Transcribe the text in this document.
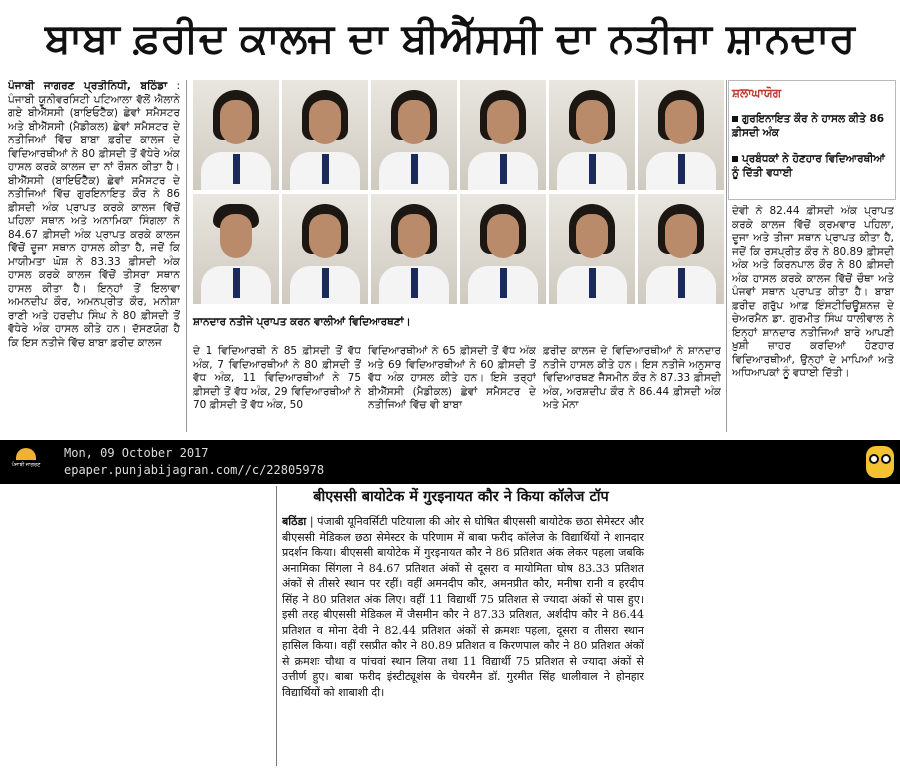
ਬਾਬਾ ਫ਼ਰੀਦ ਕਾਲਜ ਦਾ ਬੀਐੱਸਸੀ ਦਾ ਨਤੀਜਾ ਸ਼ਾਨਦਾਰ
ਪੰਜਾਬੀ ਜਾਗਰਣ ਪ੍ਰਤੀਨਿਧੀ, ਬਠਿੰਡਾ : ਪੰਜਾਬੀ ਯੂਨੀਵਰਸਿਟੀ ਪਟਿਆਲਾ ਵੱਲੋਂ ਐਲਾਨੇ ਗਏ ਬੀਐੱਸਸੀ (ਬਾਇਓਟੈੱਕ) ਛੇਵਾਂ ਸਮੈਸਟਰ ਅਤੇ ਬੀਐੱਸਸੀ (ਮੈਡੀਕਲ) ਛੇਵਾਂ ਸਮੈਸਟਰ ਦੇ ਨਤੀਜਿਆਂ ਵਿੱਚ ਬਾਬਾ ਫ਼ਰੀਦ ਕਾਲਜ ਦੇ ਵਿਦਿਆਰਥੀਆਂ ਨੇ 80 ਫ਼ੀਸਦੀ ਤੋਂ ਵੱਧੇਰੇ ਅੰਕ ਹਾਸਲ ਕਰਕੇ ਕਾਲਜ ਦਾ ਨਾਂ ਰੌਸ਼ਨ ਕੀਤਾ ਹੈ। ਬੀਐੱਸਸੀ (ਬਾਇਓਟੈੱਕ) ਛੇਵਾਂ ਸਮੈਸਟਰ ਦੇ ਨਤੀਜਿਆਂ ਵਿੱਚ ਗੁਰਇਨਾਇਤ ਕੌਰ ਨੇ 86 ਫ਼ੀਸਦੀ ਅੰਕ ਪ੍ਰਾਪਤ ਕਰਕੇ ਕਾਲਜ ਵਿੱਚੋਂ ਪਹਿਲਾ ਸਥਾਨ ਅਤੇ ਅਨਾਮਿਕਾ ਸਿੰਗਲਾ ਨੇ 84.67 ਫ਼ੀਸਦੀ ਅੰਕ ਪ੍ਰਾਪਤ ਕਰਕੇ ਕਾਲਜ ਵਿੱਚੋਂ ਦੂਜਾ ਸਥਾਨ ਹਾਸਲ ਕੀਤਾ ਹੈ, ਜਦੋਂ ਕਿ ਮਾਯੀਮਤਾ ਘੋਸ਼ ਨੇ 83.33 ਫ਼ੀਸਦੀ ਅੰਕ ਹਾਸਲ ਕਰਕੇ ਕਾਲਜ ਵਿੱਚੋਂ ਤੀਸਰਾ ਸਥਾਨ ਹਾਸਲ ਕੀਤਾ ਹੈ। ਇਨ੍ਹਾਂ ਤੋਂ ਇਲਾਵਾ ਅਮਨਦੀਪ ਕੌਰ, ਅਮਨਪ੍ਰੀਤ ਕੌਰ, ਮਨੀਸ਼ਾ ਰਾਣੀ ਅਤੇ ਹਰਦੀਪ ਸਿੰਘ ਨੇ 80 ਫ਼ੀਸਦੀ ਤੋਂ ਵੱਧੇਰੇ ਅੰਕ ਹਾਸਲ ਕੀਤੇ ਹਨ। ਦੱਸਣਯੋਗ ਹੈ ਕਿ ਇਸ ਨਤੀਜੇ ਵਿੱਚ ਬਾਬਾ ਫ਼ਰੀਦ ਕਾਲਜ
ਸ਼ਾਨਦਾਰ ਨਤੀਜੇ ਪ੍ਰਾਪਤ ਕਰਨ ਵਾਲੀਆਂ ਵਿਦਿਆਰਥਣਾਂ।
ਦੇ 1 ਵਿਦਿਆਰਥੀ ਨੇ 85 ਫ਼ੀਸਦੀ ਤੋਂ ਵੱਧ ਅੰਕ, 7 ਵਿਦਿਆਰਥੀਆਂ ਨੇ 80 ਫ਼ੀਸਦੀ ਤੋਂ ਵੱਧ ਅੰਕ, 11 ਵਿਦਿਆਰਥੀਆਂ ਨੇ 75 ਫ਼ੀਸਦੀ ਤੋਂ ਵੱਧ ਅੰਕ, 29 ਵਿਦਿਆਰਥੀਆਂ ਨੇ 70 ਫ਼ੀਸਦੀ ਤੋਂ ਵੱਧ ਅੰਕ, 50
ਵਿਦਿਆਰਥੀਆਂ ਨੇ 65 ਫ਼ੀਸਦੀ ਤੋਂ ਵੱਧ ਅੰਕ ਅਤੇ 69 ਵਿਦਿਆਰਥੀਆਂ ਨੇ 60 ਫ਼ੀਸਦੀ ਤੋਂ ਵੱਧ ਅੰਕ ਹਾਸਲ ਕੀਤੇ ਹਨ। ਇਸੇ ਤਰ੍ਹਾਂ ਬੀਐੱਸਸੀ (ਮੈਡੀਕਲ) ਛੇਵਾਂ ਸਮੈਸਟਰ ਦੇ ਨਤੀਜਿਆਂ ਵਿੱਚ ਵੀ ਬਾਬਾ
ਫ਼ਰੀਦ ਕਾਲਜ ਦੇ ਵਿਦਿਆਰਥੀਆਂ ਨੇ ਸ਼ਾਨਦਾਰ ਨਤੀਜੇ ਹਾਸਲ ਕੀਤੇ ਹਨ। ਇਸ ਨਤੀਜੇ ਅਨੁਸਾਰ ਵਿਦਿਆਰਥਣ ਜੈਸਮੀਨ ਕੌਰ ਨੇ 87.33 ਫ਼ੀਸਦੀ ਅੰਕ, ਅਰਸ਼ਦੀਪ ਕੌਰ ਨੇ 86.44 ਫ਼ੀਸਦੀ ਅੰਕ ਅਤੇ ਮੋਨਾ
ਸ਼ਲਾਘਾਯੋਗ
ਗੁਰਇਨਾਇਤ ਕੌਰ ਨੇ ਹਾਸਲ ਕੀਤੇ 86 ਫ਼ੀਸਦੀ ਅੰਕ
ਪ੍ਰਬੰਧਕਾਂ ਨੇ ਹੋਣਹਾਰ ਵਿਦਿਆਰਥੀਆਂ ਨੂੰ ਦਿੱਤੀ ਵਧਾਈ
ਦੇਵੀ ਨੇ 82.44 ਫ਼ੀਸਦੀ ਅੰਕ ਪ੍ਰਾਪਤ ਕਰਕੇ ਕਾਲਜ ਵਿੱਚੋਂ ਕ੍ਰਮਵਾਰ ਪਹਿਲਾ, ਦੂਜਾ ਅਤੇ ਤੀਜਾ ਸਥਾਨ ਪ੍ਰਾਪਤ ਕੀਤਾ ਹੈ, ਜਦੋਂ ਕਿ ਰਸਪ੍ਰੀਤ ਕੌਰ ਨੇ 80.89 ਫ਼ੀਸਦੀ ਅੰਕ ਅਤੇ ਕਿਰਨਪਾਲ ਕੌਰ ਨੇ 80 ਫ਼ੀਸਦੀ ਅੰਕ ਹਾਸਲ ਕਰਕੇ ਕਾਲਜ ਵਿੱਚੋਂ ਚੌਥਾ ਅਤੇ ਪੰਜਵਾਂ ਸਥਾਨ ਪ੍ਰਾਪਤ ਕੀਤਾ ਹੈ। ਬਾਬਾ ਫ਼ਰੀਦ ਗਰੁੱਪ ਆਫ਼ ਇੰਸਟੀਚਿਊਸ਼ਨਜ਼ ਦੇ ਚੇਅਰਮੈਨ ਡਾ. ਗੁਰਮੀਤ ਸਿੰਘ ਧਾਲੀਵਾਲ ਨੇ ਇਨ੍ਹਾਂ ਸ਼ਾਨਦਾਰ ਨਤੀਜਿਆਂ ਬਾਰੇ ਆਪਣੀ ਖ਼ੁਸ਼ੀ ਜ਼ਾਹਰ ਕਰਦਿਆਂ ਹੋਣਹਾਰ ਵਿਦਿਆਰਥੀਆਂ, ਉਨ੍ਹਾਂ ਦੇ ਮਾਪਿਆਂ ਅਤੇ ਅਧਿਆਪਕਾਂ ਨੂੰ ਵਧਾਈ ਦਿੱਤੀ।
ਪੰਜਾਬੀ ਜਾਗਰਣ
Mon, 09 October 2017
epaper.punjabijagran.com//c/22805978
बीएससी बायोटेक में गुरइनायत कौर ने किया कॉलेज टॉप
बठिंडा | पंजाबी यूनिवर्सिटी पटियाला की ओर से घोषित बीएससी बायोटेक छठा सेमेस्टर और बीएससी मेडिकल छठा सेमेस्टर के परिणाम में बाबा फरीद कॉलेज के विद्यार्थियों ने शानदार प्रदर्शन किया। बीएससी बायोटेक में गुरइनायत कौर ने 86 प्रतिशत अंक लेकर पहला जबकि अनामिका सिंगला ने 84.67 प्रतिशत अंकों से दूसरा व मायोमिता घोष 83.33 प्रतिशत अंकों से तीसरे स्थान पर रहीं। वहीं अमनदीप कौर, अमनप्रीत कौर, मनीषा रानी व हरदीप सिंह ने 80 प्रतिशत अंक लिए। वहीं 11 विद्यार्थी 75 प्रतिशत से ज्यादा अंकों से पास हुए। इसी तरह बीएससी मेडिकल में जैसमीन कौर ने 87.33 प्रतिशत, अर्शदीप कौर ने 86.44 प्रतिशत व मोना देवी ने 82.44 प्रतिशत अंकों से क्रमशः पहला, दूसरा व तीसरा स्थान हासिल किया। वहीं रसप्रीत कौर ने 80.89 प्रतिशत व किरणपाल कौर ने 80 प्रतिशत अंकों से क्रमशः चौथा व पांचवां स्थान लिया तथा 11 विद्यार्थी 75 प्रतिशत से ज्यादा अंकों से उत्तीर्ण हुए। बाबा फरीद इंस्टीट्यूशंस के चेयरमैन डॉ. गुरमीत सिंह धालीवाल ने होनहार विद्यार्थियों को शाबाशी दी।
